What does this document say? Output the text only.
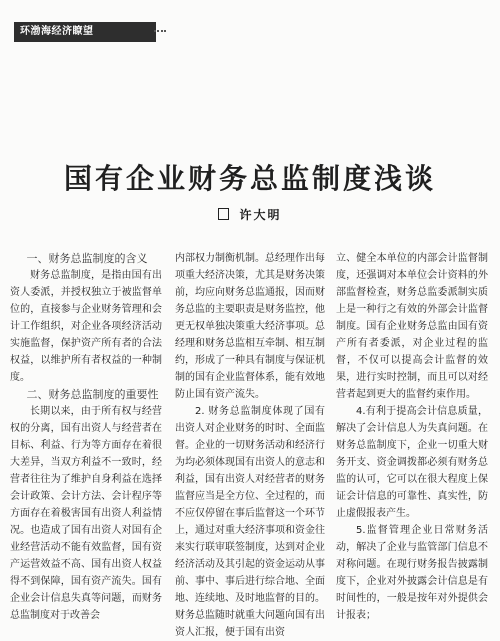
环渤海经济瞭望
国有企业财务总监制度浅谈
许大明
一、财务总监制度的含义

财务总监制度，是指由国有出资人委派，并授权独立于被监督单位的，直接参与企业财务管理和会计工作组织，对企业各项经济活动实施监督，保护资产所有者的合法权益，以维护所有者权益的一种制度。

二、财务总监制度的重要性

长期以来，由于所有权与经营权的分离，国有出资人与经营者在目标、利益、行为等方面存在着很大差异，当双方利益不一致时，经营者往往为了维护自身利益在选择会计政策、会计方法、会计程序等方面存在着极害国有出资人利益情况。也造成了国有出资人对国有企业经营活动不能有效监督，国有资产运营效益不高、国有出资人权益得不到保障，国有资产流失。国有企业会计信息失真等问题，而财务总监制度对于改善会

内部权力制衡机制。总经理作出每项重大经济决策，尤其是财务决策前，均应向财务总监通报，因而财务总监的主要职责是财务监控，他更无权单独决策重大经济事项。总经理和财务总监相互牵制、相互制约，形成了一种具有制度与保证机制的国有企业监督体系，能有效地防止国有资产流失。

2. 财务总监制度体现了国有出资人对企业财务的时时、全面监督。企业的一切财务活动和经济行为均必须体现国有出资人的意志和利益，国有出资人对经营者的财务监督应当是全方位、全过程的，而不应仅停留在事后监督这一个环节上，通过对重大经济事项和资金往来实行联审联签制度，达到对企业经济活动及其引起的资金运动从事前、事中、事后进行综合地、全面地、连续地、及时地监督的目的。财务总监随时就重大问题向国有出资人汇报，便于国有出资

立、健全本单位的内部会计监督制度，还强调对本单位会计资料的外部监督检查，财务总监委派制实质上是一种行之有效的外部会计监督制度。国有企业财务总监由国有资产所有者委派，对企业过程的监督，不仅可以提高会计监督的效果，进行实时控制，而且可以对经营者起到更大的监督约束作用。

4.有利于提高会计信息质量，解决了会计信息人为失真问题。在财务总监制度下，企业一切重大财务开支、资金调拨都必须有财务总监的认可，它可以在很大程度上保证会计信息的可靠性、真实性，防止虚假报表产生。

5.监督管理企业日常财务活动，解决了企业与监管部门信息不对称问题。在现行财务报告披露制度下，企业对外披露会计信息是有时间性的，一般是按年对外提供会计报表；
